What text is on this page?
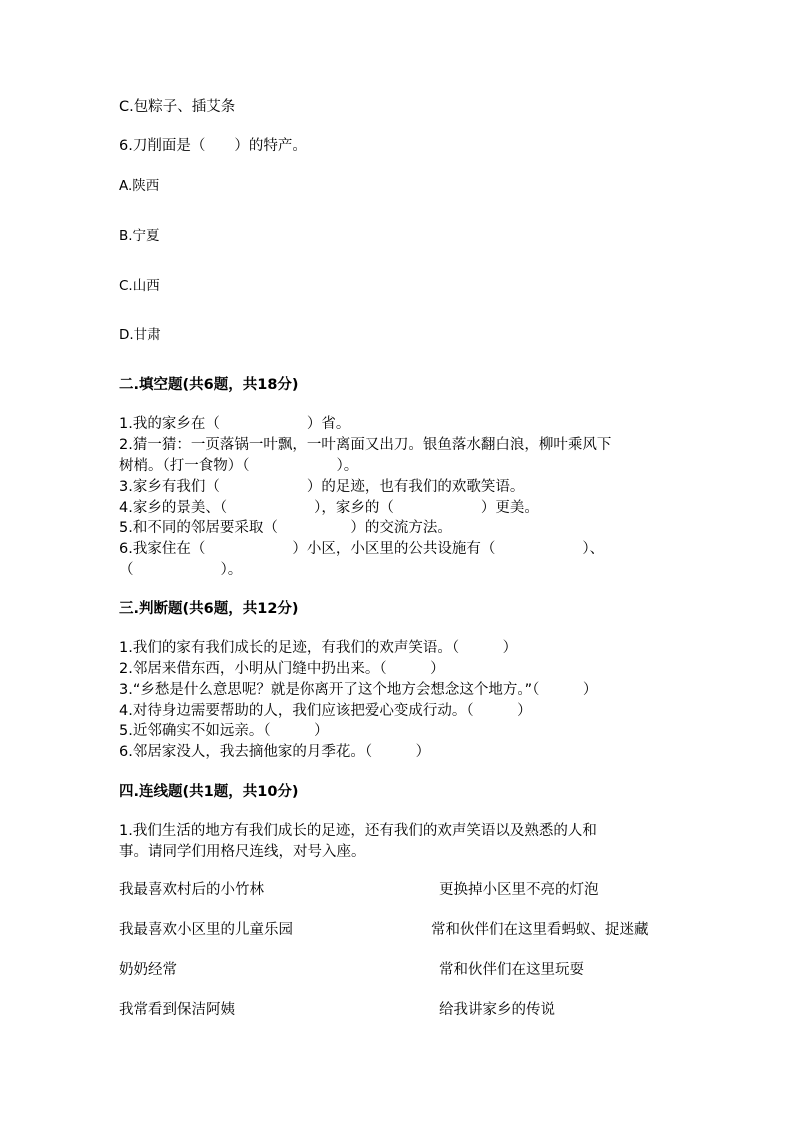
C.包粽子、插艾条
6.刀削面是（　　）的特产。
A.陕西
B.宁夏
C.山西
D.甘肃
二.填空题(共6题，共18分)
1.我的家乡在（　　　　　　）省。
2.猜一猜：一页落锅一叶飘，一叶离面又出刀。银鱼落水翻白浪，柳叶乘风下
树梢。（打一食物）（　　　　　　）。
3.家乡有我们（　　　　　　）的足迹，也有我们的欢歌笑语。
4.家乡的景美、（　　　　　　），家乡的（　　　　　　）更美。
5.和不同的邻居要采取（　　　　　）的交流方法。
6.我家住在（　　　　　　）小区，小区里的公共设施有（　　　　　　）、
（　　　　　　）。
三.判断题(共6题，共12分)
1.我们的家有我们成长的足迹，有我们的欢声笑语。（　　　）
2.邻居来借东西，小明从门缝中扔出来。（　　　）
3.“乡愁是什么意思呢？就是你离开了这个地方会想念这个地方。”（　　　）
4.对待身边需要帮助的人，我们应该把爱心变成行动。（　　　）
5.近邻确实不如远亲。（　　　）
6.邻居家没人，我去摘他家的月季花。（　　　）
四.连线题(共1题，共10分)
1.我们生活的地方有我们成长的足迹，还有我们的欢声笑语以及熟悉的人和
事。请同学们用格尺连线，对号入座。
我最喜欢村后的小竹林
我最喜欢小区里的儿童乐园
奶奶经常
我常看到保洁阿姨
更换掉小区里不亮的灯泡
常和伙伴们在这里看蚂蚁、捉迷藏
常和伙伴们在这里玩耍
给我讲家乡的传说
